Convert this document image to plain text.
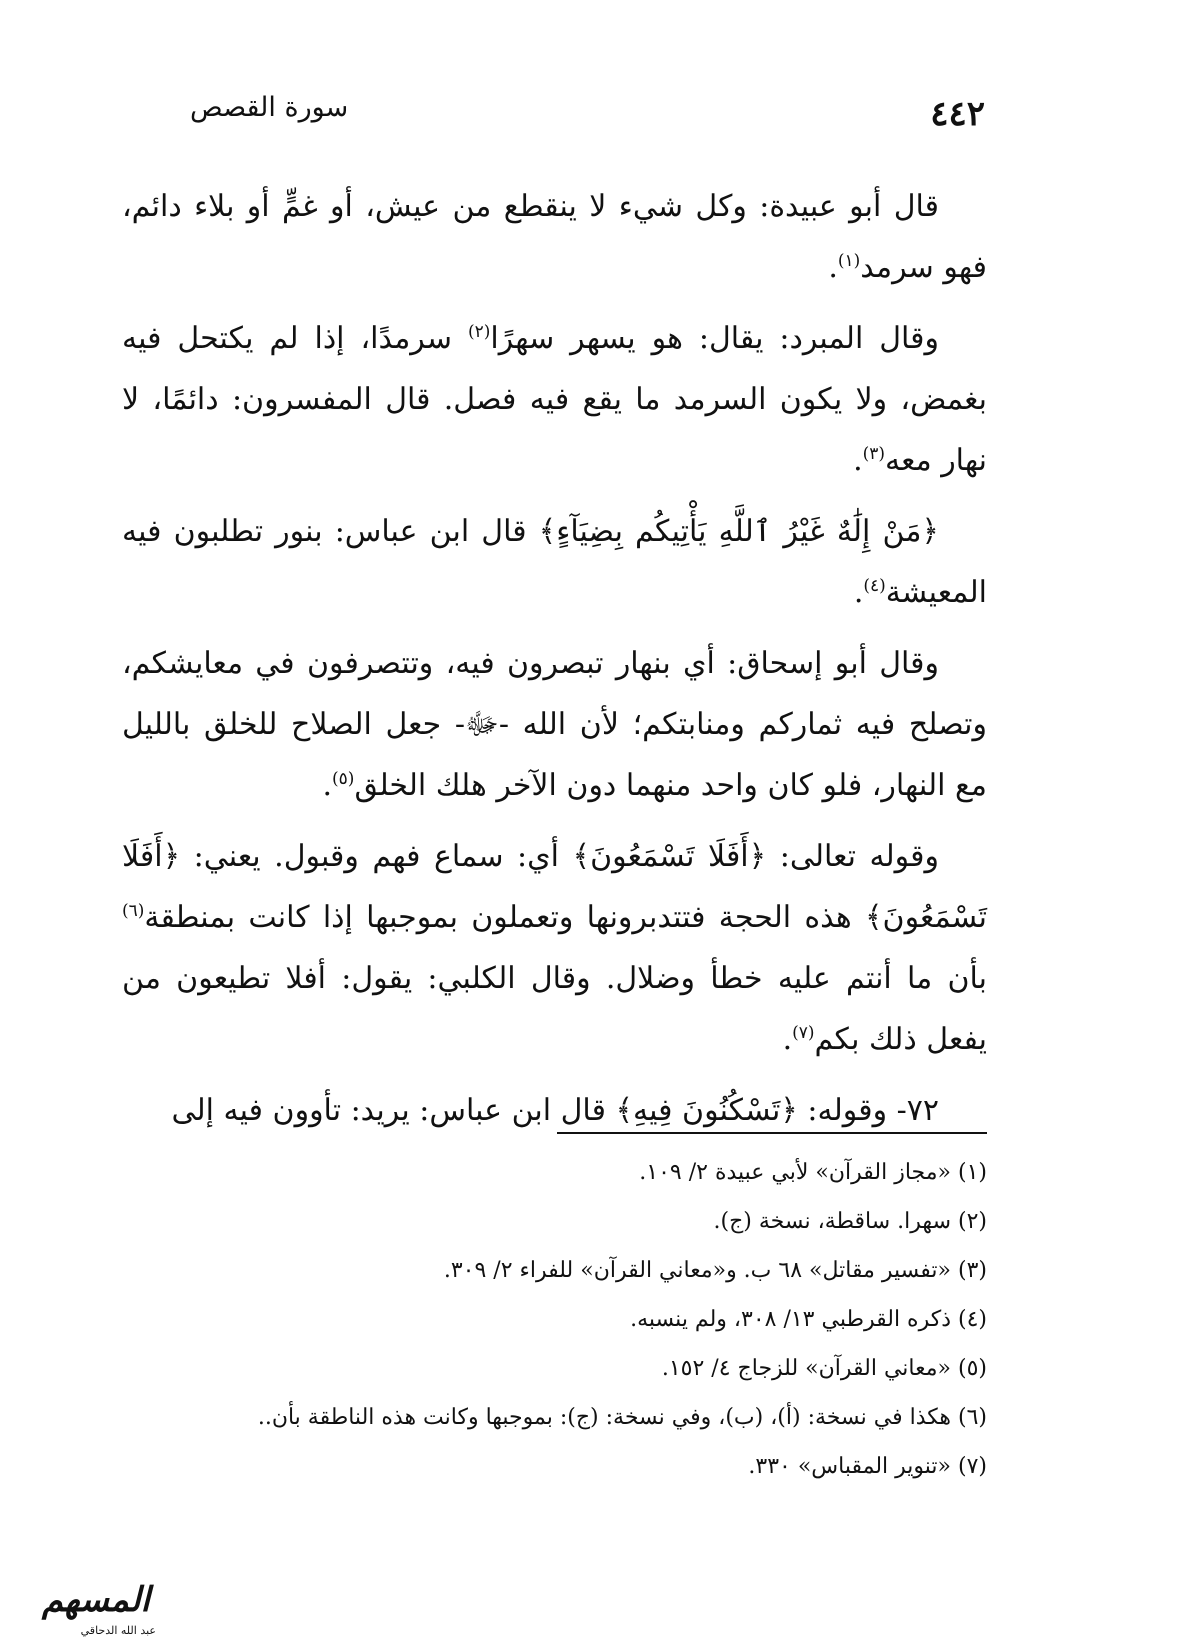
٤٤٢
سورة القصص

قال أبو عبيدة: وكل شيء لا ينقطع من عيش، أو غمٍّ أو بلاء دائم، فهو سرمد$^{(١)}$.

وقال المبرد: يقال: هو يسهر سهرًا$^{(٢)}$ سرمدًا، إذا لم يكتحل فيه بغمض، ولا يكون السرمد ما يقع فيه فصل. قال المفسرون: دائمًا، لا نهار معه$^{(٣)}$.

﴿مَنْ إِلَٰهٌ غَيْرُ ٱللَّهِ يَأْتِيكُم بِضِيَآءٍ﴾ قال ابن عباس: بنور تطلبون فيه المعيشة$^{(٤)}$.

وقال أبو إسحاق: أي بنهار تبصرون فيه، وتتصرفون في معايشكم، وتصلح فيه ثماركم ومنابتكم؛ لأن الله -ﷻ- جعل الصلاح للخلق بالليل مع النهار، فلو كان واحد منهما دون الآخر هلك الخلق$^{(٥)}$.

وقوله تعالى: ﴿أَفَلَا تَسْمَعُونَ﴾ أي: سماع فهم وقبول. يعني: ﴿أَفَلَا تَسْمَعُونَ﴾ هذه الحجة فتتدبرونها وتعملون بموجبها إذا كانت بمنطقة$^{(٦)}$ بأن ما أنتم عليه خطأ وضلال. وقال الكلبي: يقول: أفلا تطيعون من يفعل ذلك بكم$^{(٧)}$.

٧٢- وقوله: ﴿تَسْكُنُونَ فِيهِ﴾ قال ابن عباس: يريد: تأوون فيه إلى

(١) «مجاز القرآن» لأبي عبيدة ٢/ ١٠٩.
(٢) سهرا. ساقطة، نسخة (ج).
(٣) «تفسير مقاتل» ٦٨ ب. و«معاني القرآن» للفراء ٢/ ٣٠٩.
(٤) ذكره القرطبي ١٣/ ٣٠٨، ولم ينسبه.
(٥) «معاني القرآن» للزجاج ٤/ ١٥٢.
(٦) هكذا في نسخة: (أ)، (ب)، وفي نسخة: (ج): بموجبها وكانت هذه الناطقة بأن..
(٧) «تنوير المقباس» ٣٣٠.
المسهم
عبد الله الدحاقي
